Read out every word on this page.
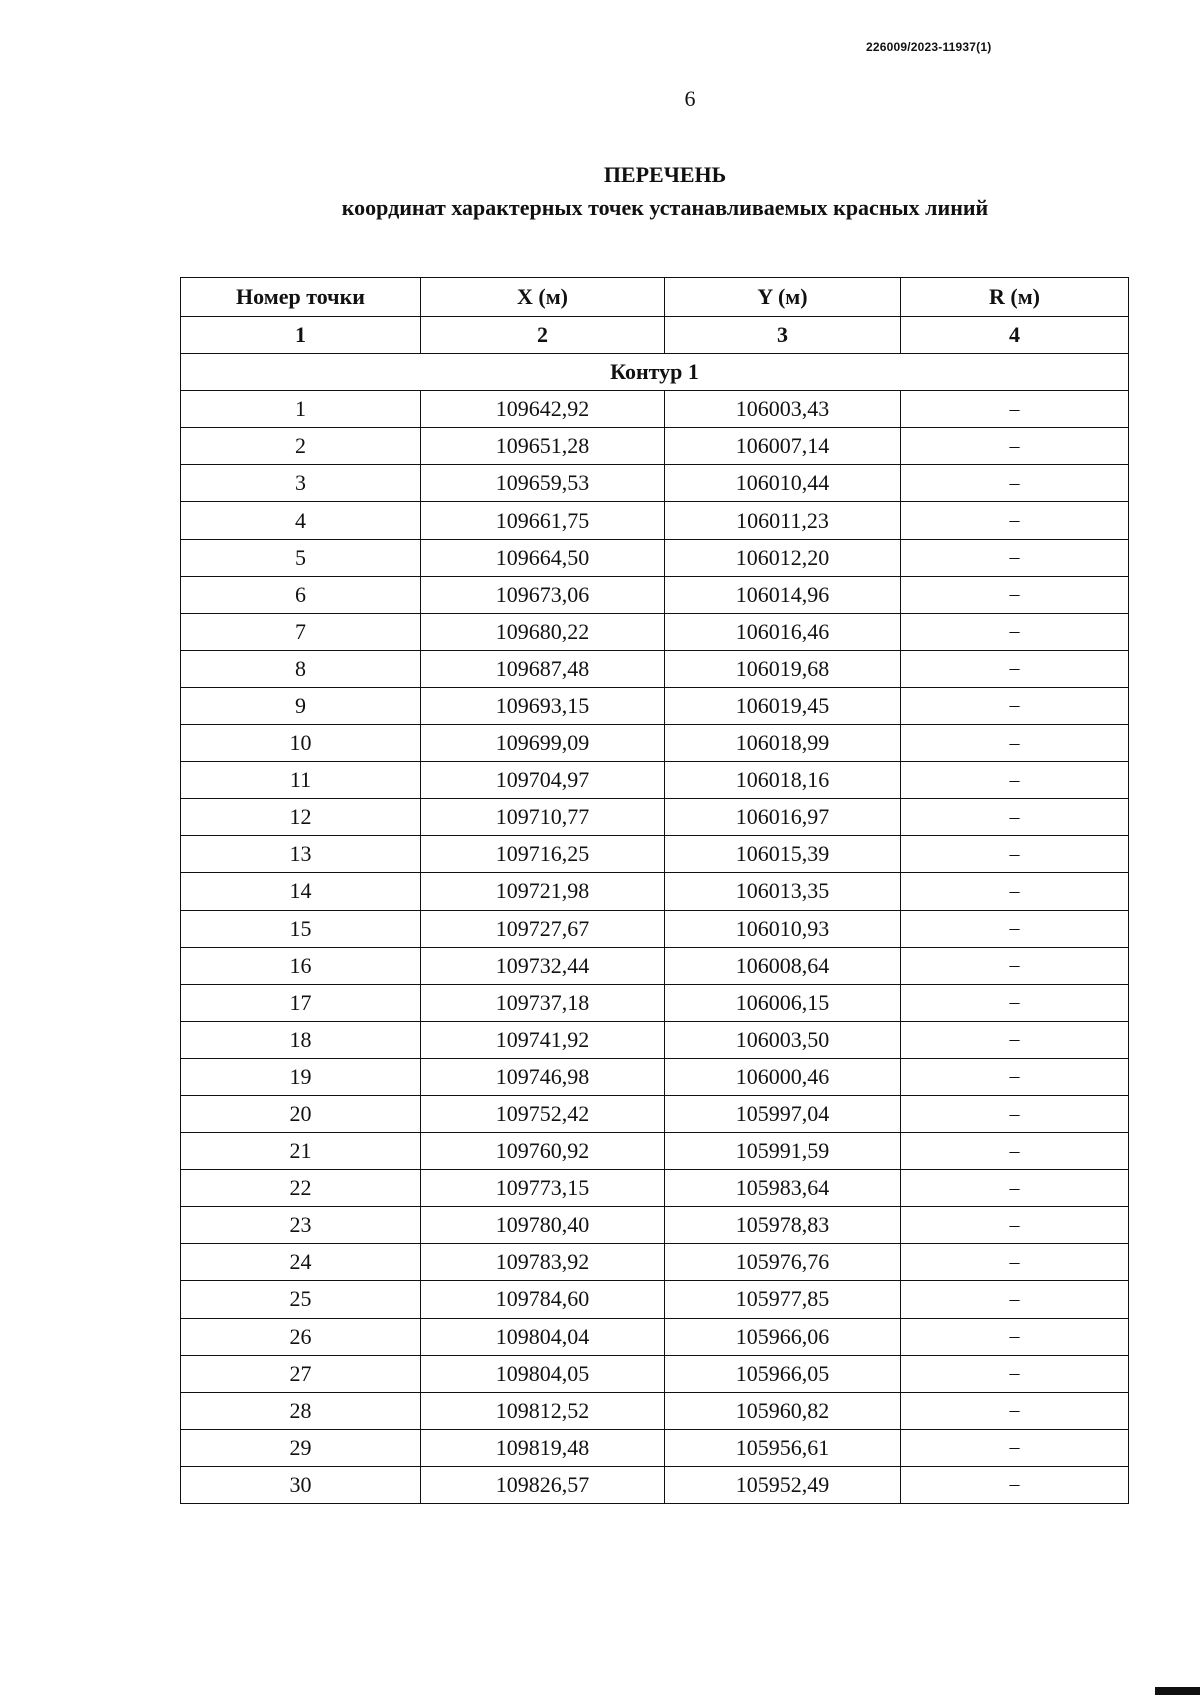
226009/2023-11937(1)
6
ПЕРЕЧЕНЬ
координат характерных точек устанавливаемых красных линий
Номер точки	X (м)	Y (м)	R (м)
1	2	3	4
Контур 1			
1	109642,92	106003,43	–
2	109651,28	106007,14	–
3	109659,53	106010,44	–
4	109661,75	106011,23	–
5	109664,50	106012,20	–
6	109673,06	106014,96	–
7	109680,22	106016,46	–
8	109687,48	106019,68	–
9	109693,15	106019,45	–
10	109699,09	106018,99	–
11	109704,97	106018,16	–
12	109710,77	106016,97	–
13	109716,25	106015,39	–
14	109721,98	106013,35	–
15	109727,67	106010,93	–
16	109732,44	106008,64	–
17	109737,18	106006,15	–
18	109741,92	106003,50	–
19	109746,98	106000,46	–
20	109752,42	105997,04	–
21	109760,92	105991,59	–
22	109773,15	105983,64	–
23	109780,40	105978,83	–
24	109783,92	105976,76	–
25	109784,60	105977,85	–
26	109804,04	105966,06	–
27	109804,05	105966,05	–
28	109812,52	105960,82	–
29	109819,48	105956,61	–
30	109826,57	105952,49	–
